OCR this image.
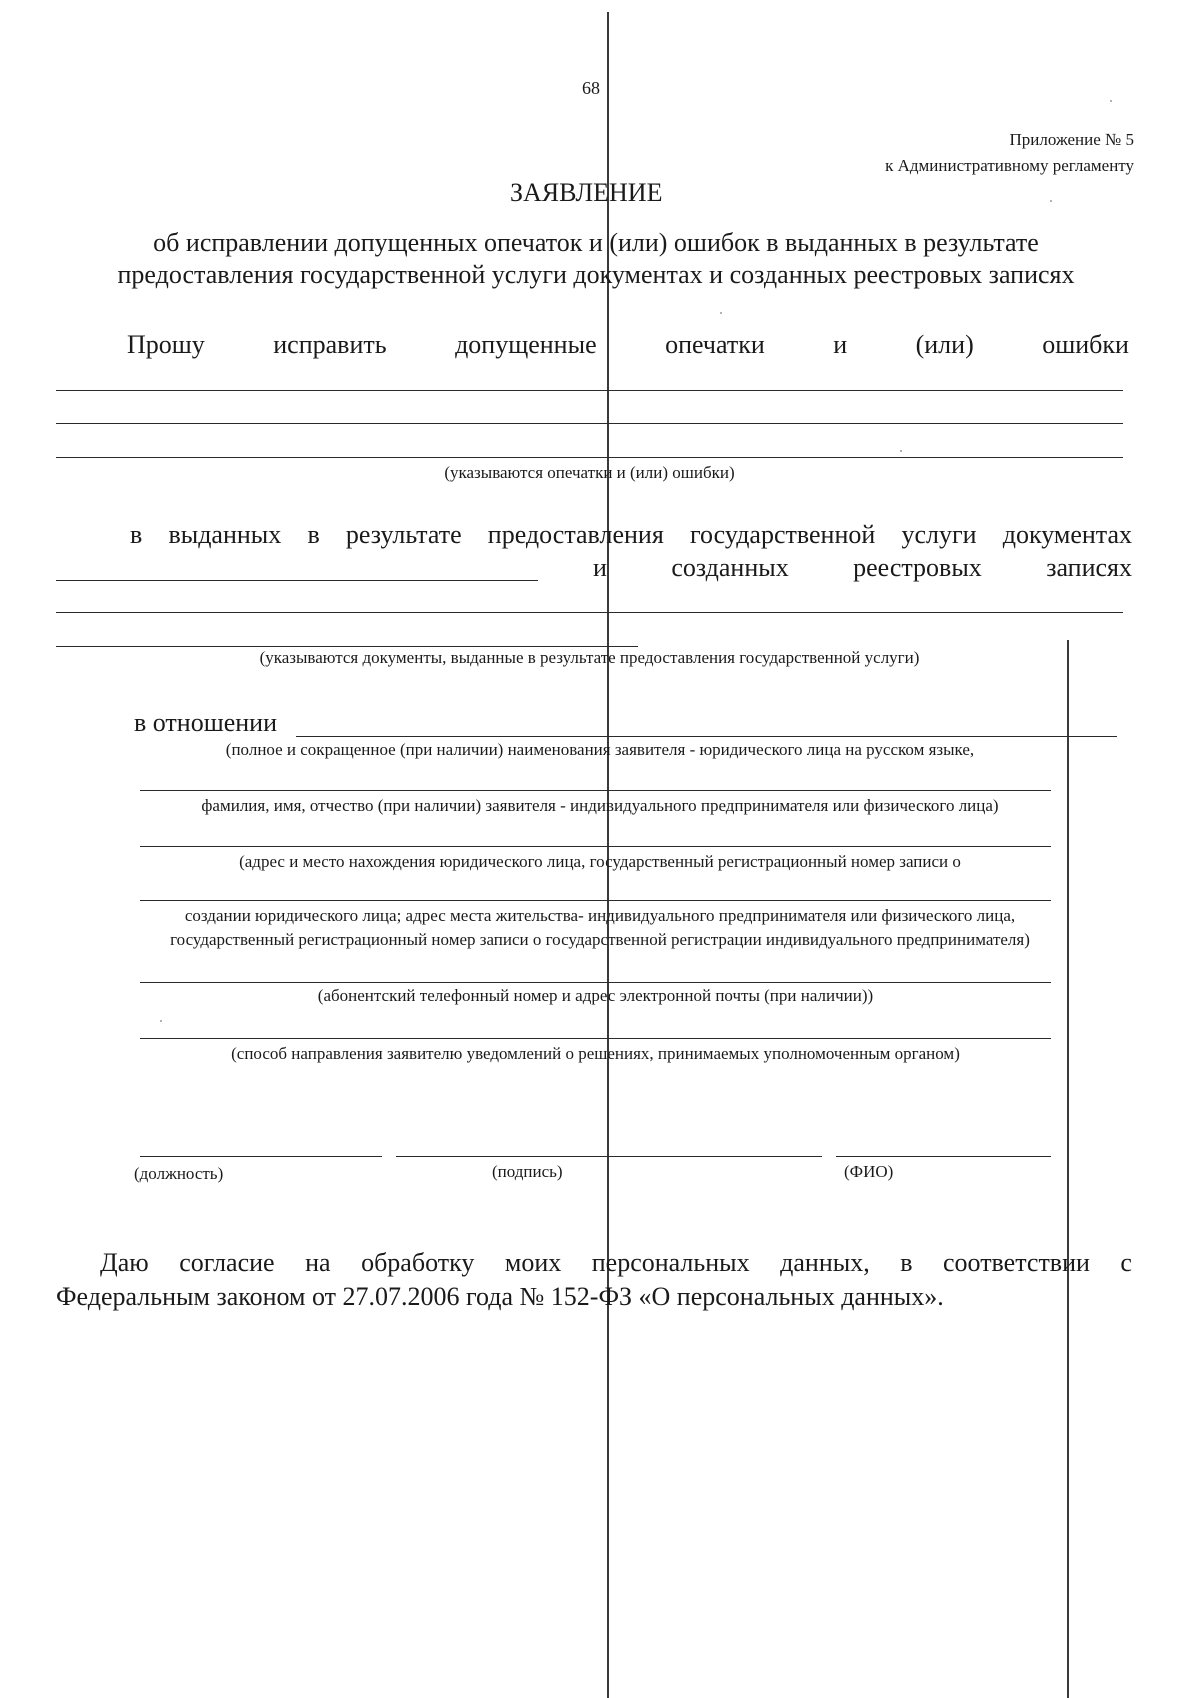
68
Приложение № 5
к Административному регламенту
ЗАЯВЛЕНИЕ
об исправлении допущенных опечаток и (или) ошибок в выданных в результате
предоставления государственной услуги документах и созданных реестровых записях
Прошу	исправить	допущенные	опечатки	и	(или)	ошибки
(указываются опечатки и (или) ошибки)
в выданных в результате предоставления государственной услуги документах
и созданных реестровых записях
(указываются документы, выданные в результате предоставления государственной услуги)
в отношении
(полное и сокращенное (при наличии) наименования заявителя - юридического лица на русском языке,
фамилия, имя, отчество (при наличии) заявителя - индивидуального предпринимателя или физического лица)
(адрес и место нахождения юридического лица, государственный регистрационный номер записи о
создании юридического лица; адрес места жительства- индивидуального предпринимателя или физического лица,
государственный регистрационный номер записи о государственной регистрации индивидуального предпринимателя)
(абонентский телефонный номер и адрес электронной почты (при наличии))
(способ направления заявителю уведомлений о решениях, принимаемых уполномоченным органом)
(должность)	(подпись)	(ФИО)
Даю согласие на обработку моих персональных данных, в соответствии с
Федеральным законом от 27.07.2006 года № 152-ФЗ «О персональных данных».
